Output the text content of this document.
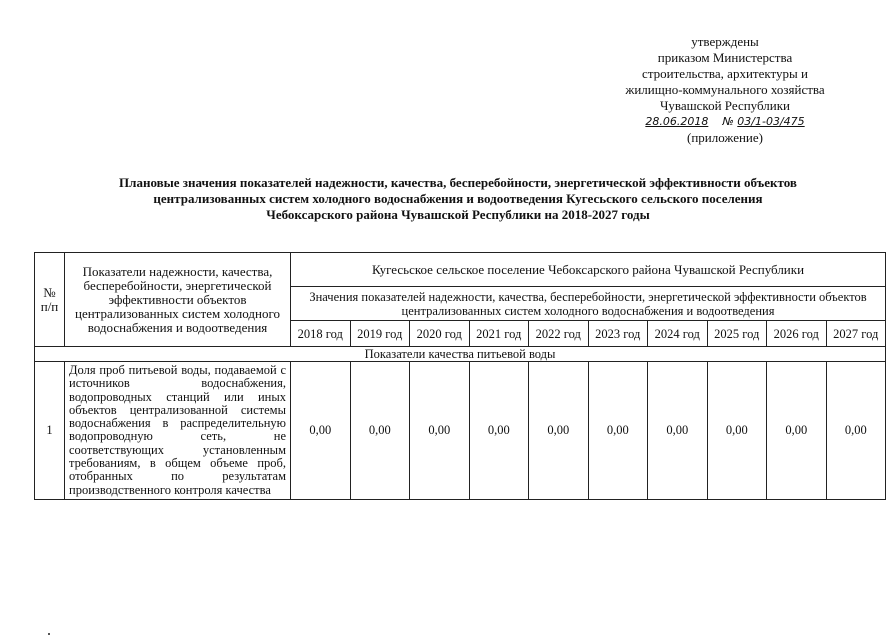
утверждены
приказом Министерства
строительства, архитектуры и
жилищно-коммунального хозяйства
Чувашской Республики
28.06.2018 № 03/1-03/475
(приложение)
Плановые значения показателей надежности, качества, бесперебойности, энергетической эффективности объектов
централизованных систем холодного водоснабжения и водоотведения Кугесьского сельского поселения
Чебоксарского района Чувашской Республики на 2018-2027 годы
№ п/п	Показатели надежности, качества, бесперебойности, энергетической эффективности объектов централизованных систем холодного водоснабжения и водоотведения	Кугесьское сельское поселение Чебоксарского района Чувашской Республики									
		Значения показателей надежности, качества, бесперебойности, энергетической эффективности объектов централизованных систем холодного водоснабжения и водоотведения									
		2018 год	2019 год	2020 год	2021 год	2022 год	2023 год	2024 год	2025 год	2026 год	2027 год
Показатели качества питьевой воды											
1	Доля проб питьевой воды, подаваемой с источников водоснабжения, водопроводных станций или иных объектов централизованной системы водоснабжения в распределительную водопроводную сеть, не соответствующих установленным требованиям, в общем объеме проб, отобранных по результатам производственного контроля качества	0,00	0,00	0,00	0,00	0,00	0,00	0,00	0,00	0,00	0,00
